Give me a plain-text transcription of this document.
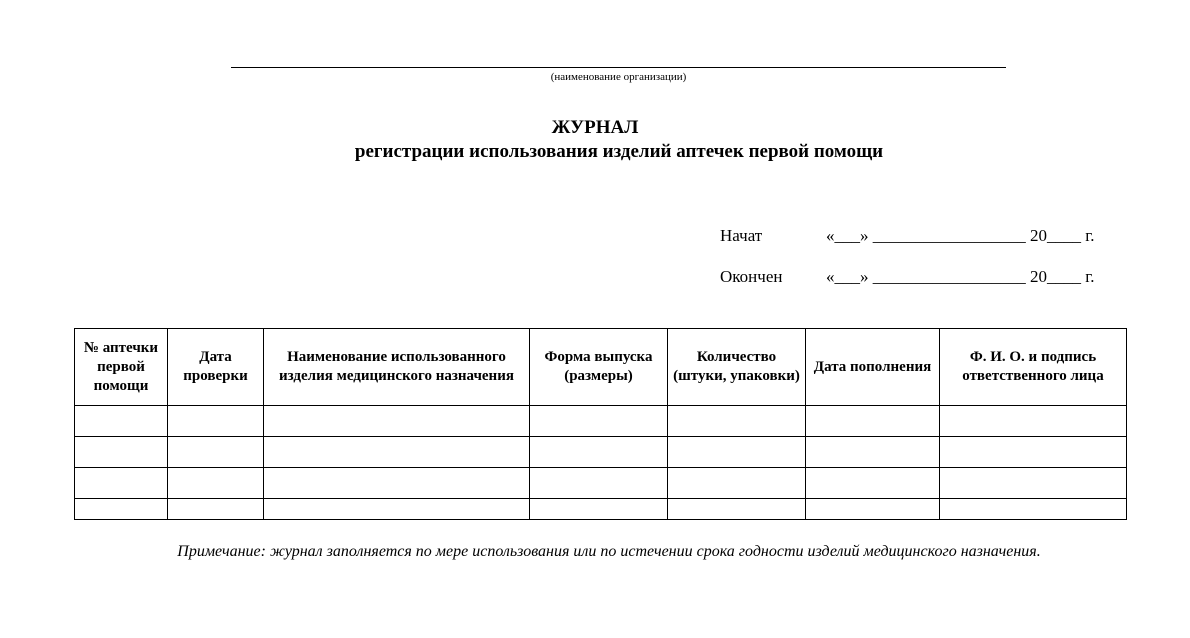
(наименование организации)
ЖУРНАЛ
регистрации использования изделий аптечек первой помощи
Начат	«___» __________________ 20____ г.
Окончен	«___» __________________ 20____ г.
№ аптечки первой помощи	Дата проверки	Наименование использованного изделия медицинского назначения	Форма выпуска (размеры)	Количество (штуки, упаковки)	Дата пополнения	Ф. И. О. и подпись ответственного лица

Примечание: журнал заполняется по мере использования или по истечении срока годности изделий медицинского назначения.
